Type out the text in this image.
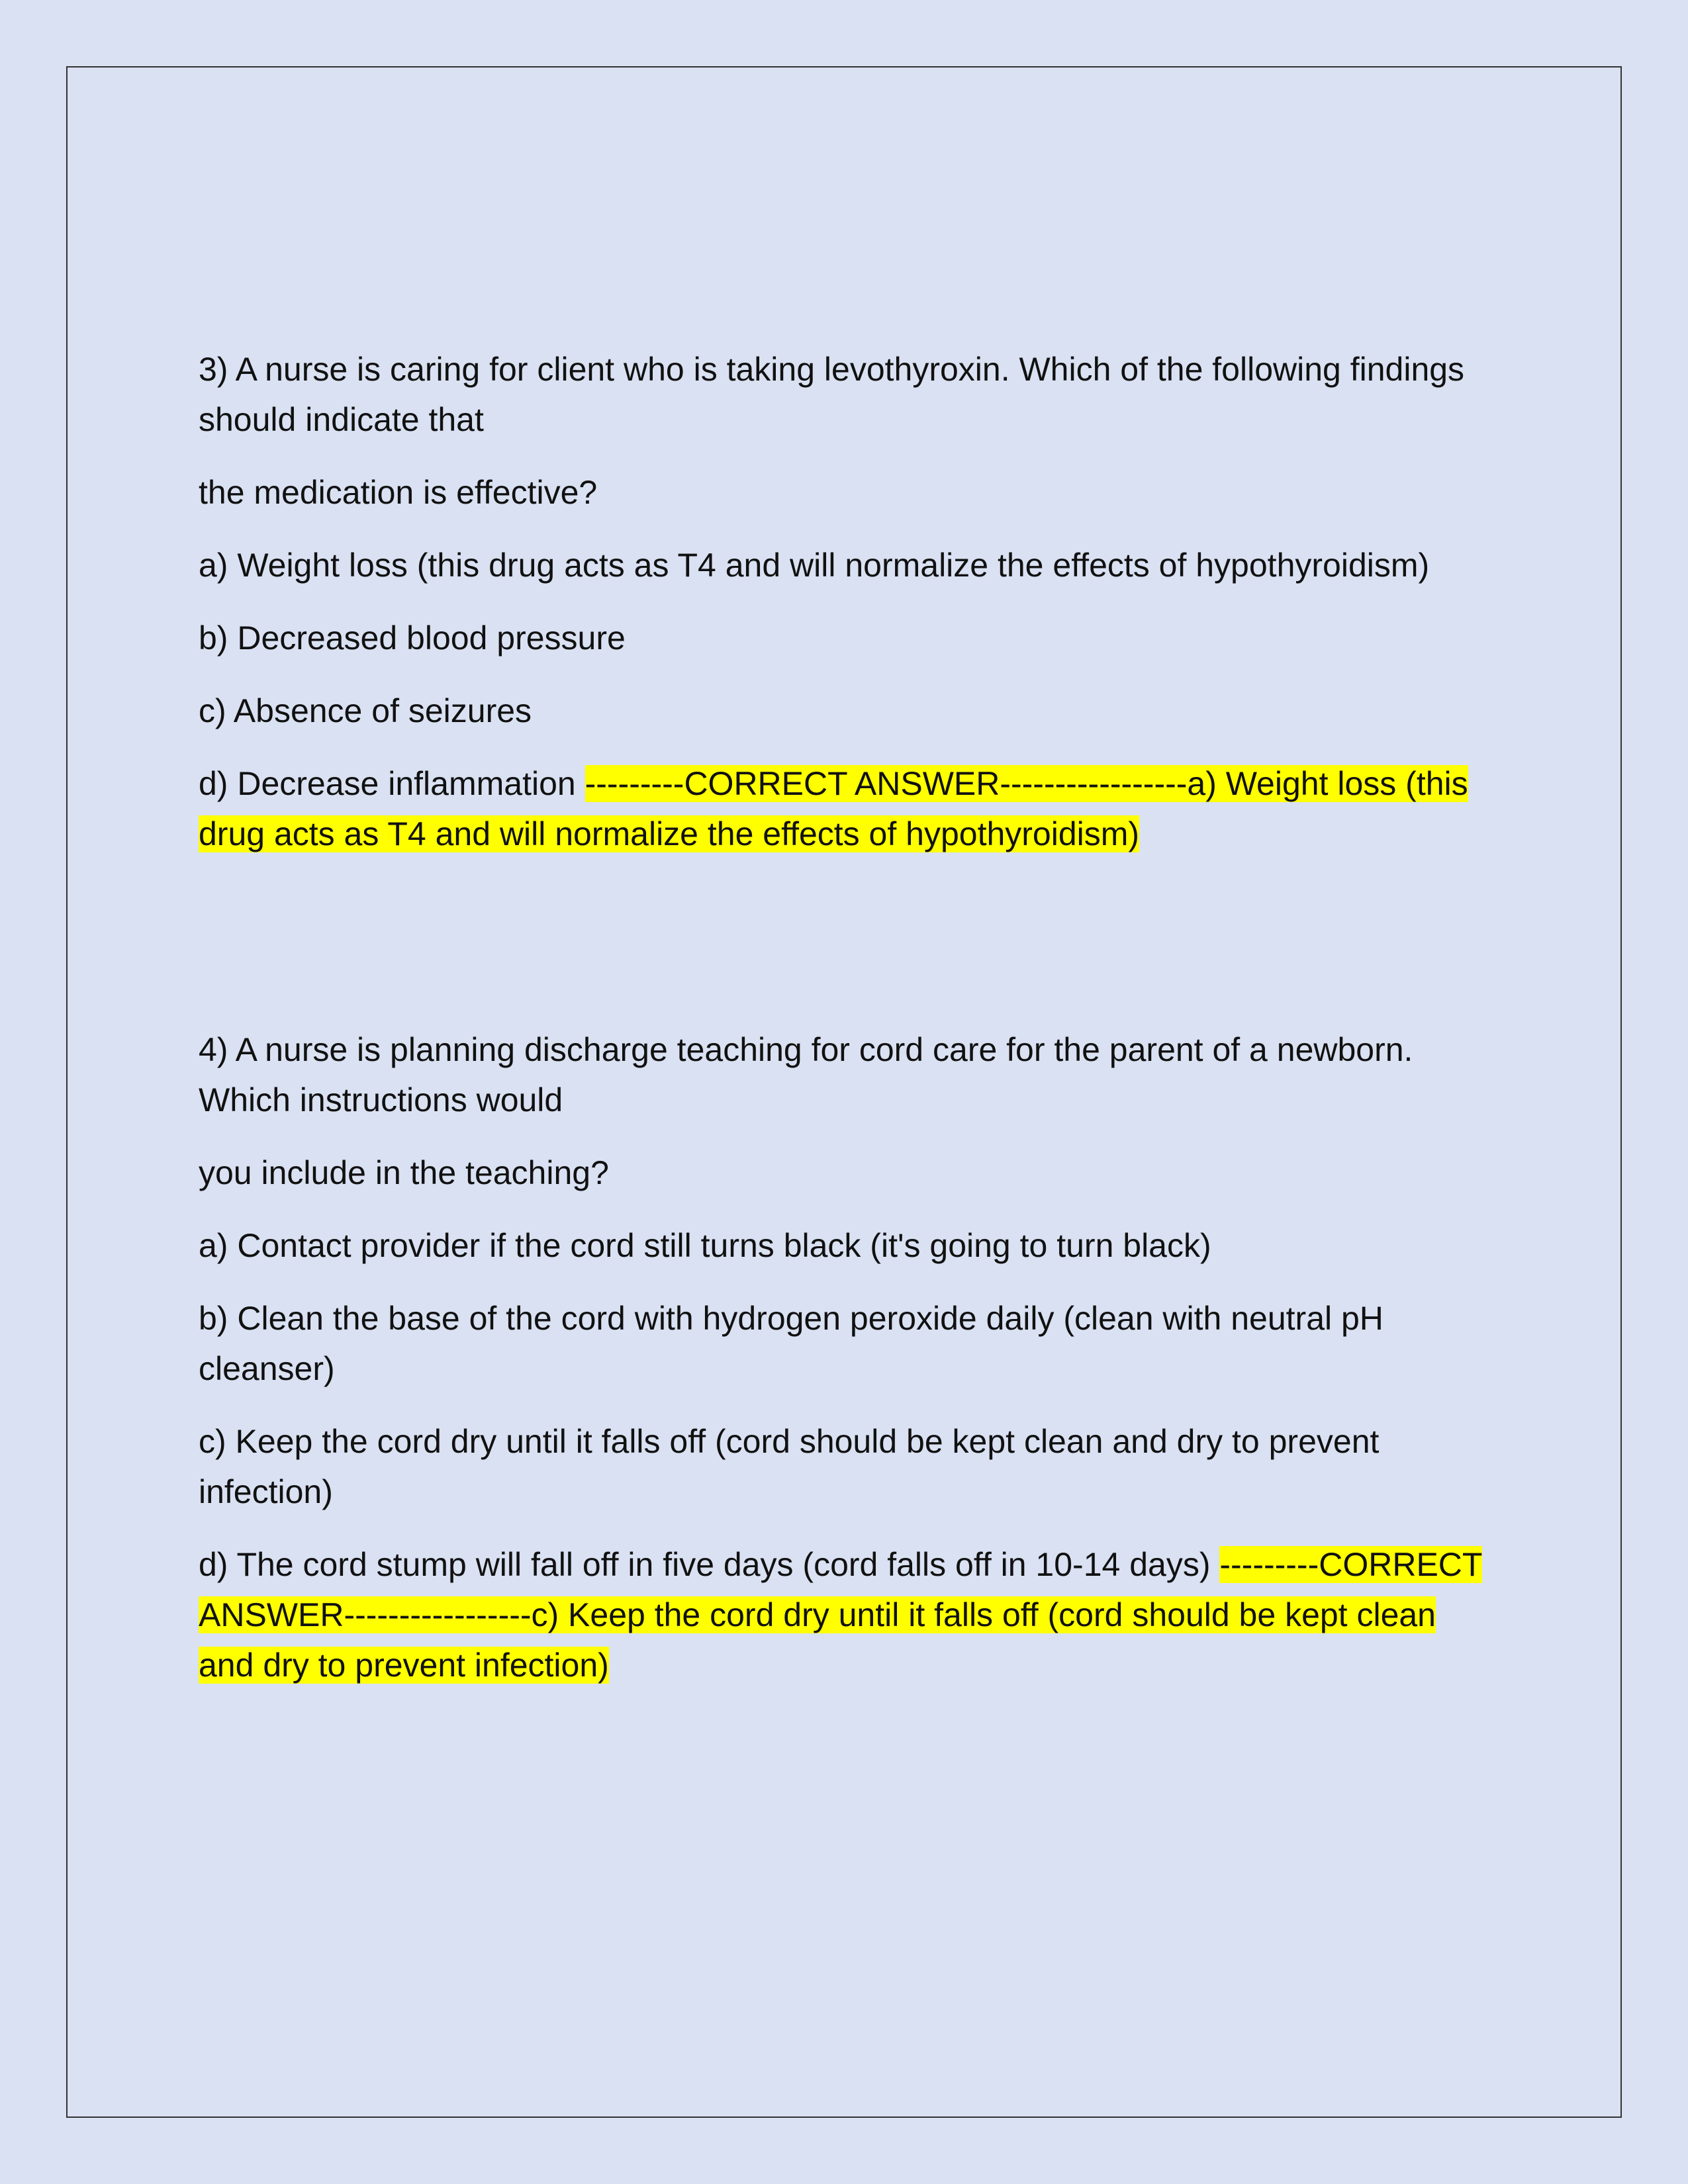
3) A nurse is caring for client who is taking levothyroxin. Which of the following findings should indicate that

the medication is effective?

a) Weight loss (this drug acts as T4 and will normalize the effects of hypothyroidism)

b) Decreased blood pressure

c) Absence of seizures

d) Decrease inflammation ---------CORRECT ANSWER-----------------a) Weight loss (this drug acts as T4 and will normalize the effects of hypothyroidism)

4) A nurse is planning discharge teaching for cord care for the parent of a newborn. Which instructions would

you include in the teaching?

a) Contact provider if the cord still turns black (it's going to turn black)

b) Clean the base of the cord with hydrogen peroxide daily (clean with neutral pH cleanser)

c) Keep the cord dry until it falls off (cord should be kept clean and dry to prevent infection)

d) The cord stump will fall off in five days (cord falls off in 10-14 days) ---------CORRECT ANSWER-----------------c) Keep the cord dry until it falls off (cord should be kept clean and dry to prevent infection)
